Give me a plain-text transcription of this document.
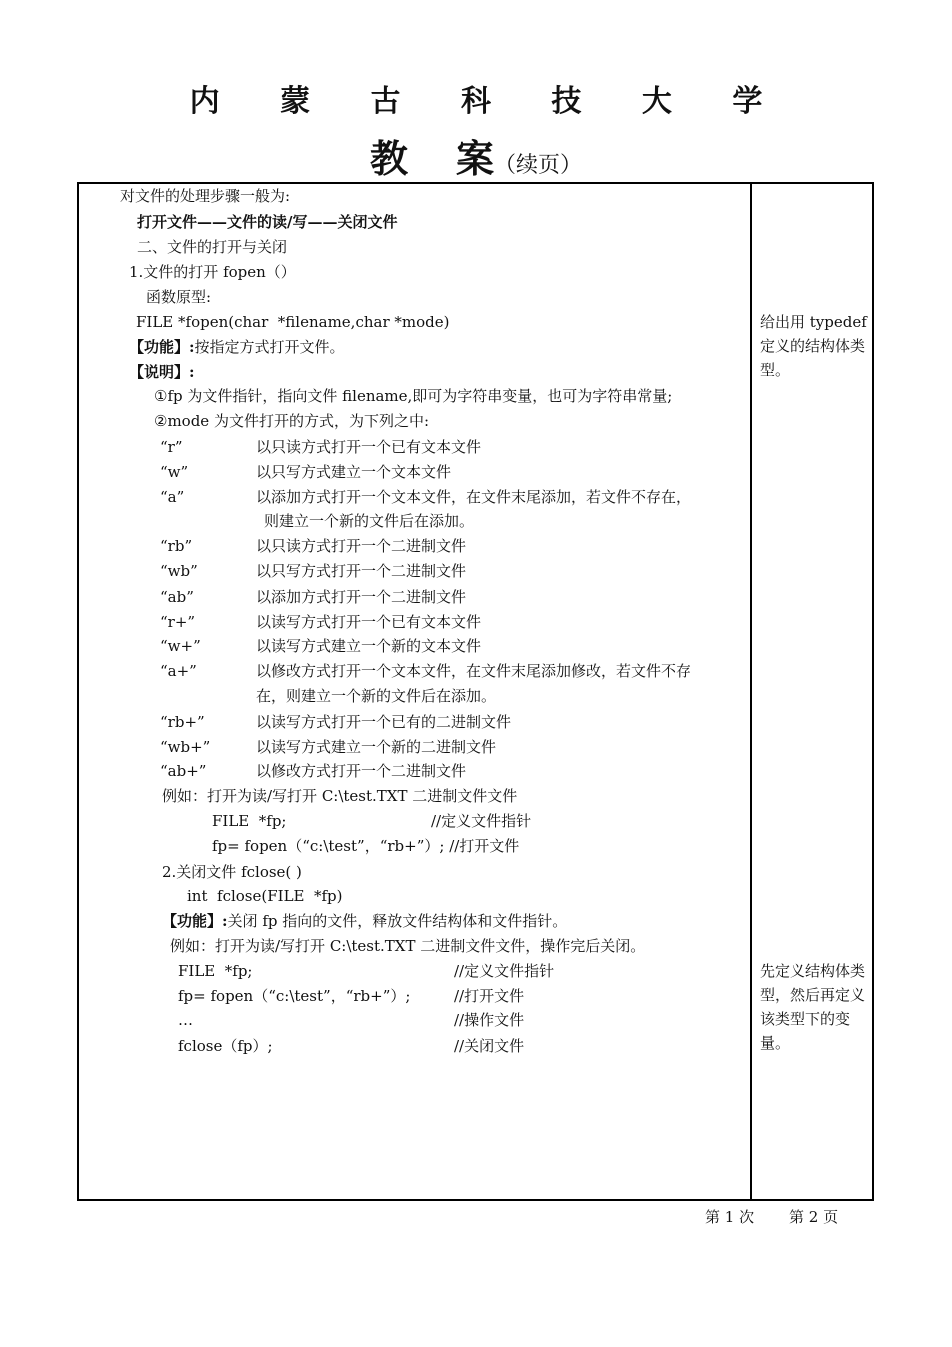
内 蒙 古 科 技 大 学
教 案（续页）
对文件的处理步骤一般为:
打开文件——文件的读/写——关闭文件
二、文件的打开与关闭
1.文件的打开 fopen（）
函数原型:
FILE *fopen(char  *filename,char *mode)
【功能】:按指定方式打开文件。
【说明】:
①fp 为文件指针，指向文件 filename,即可为字符串变量，也可为字符串常量;
②mode 为文件打开的方式，为下列之中:
“r”	以只读方式打开一个已有文本文件
“w”	以只写方式建立一个文本文件
“a”	以添加方式打开一个文本文件，在文件末尾添加，若文件不存在，
则建立一个新的文件后在添加。
“rb”	以只读方式打开一个二进制文件
“wb”	以只写方式打开一个二进制文件
“ab”	以添加方式打开一个二进制文件
“r+”	以读写方式打开一个已有文本文件
“w+”	以读写方式建立一个新的文本文件
“a+”	以修改方式打开一个文本文件，在文件末尾添加修改，若文件不存
在，则建立一个新的文件后在添加。
“rb+”	以读写方式打开一个已有的二进制文件
“wb+”	以读写方式建立一个新的二进制文件
“ab+”	以修改方式打开一个二进制文件
例如：打开为读/写打开 C:\test.TXT 二进制文件文件
FILE  *fp;	//定义文件指针
fp= fopen（“c:\test”，“rb+”）; //打开文件
2.关闭文件 fclose( )
int  fclose(FILE  *fp)
【功能】:关闭 fp 指向的文件，释放文件结构体和文件指针。
例如：打开为读/写打开 C:\test.TXT 二进制文件文件，操作完后关闭。
FILE  *fp;	//定义文件指针
fp= fopen（“c:\test”，“rb+”）;	//打开文件
…	//操作文件
fclose（fp）;	//关闭文件
给出用 typedef 定义的结构体类型。
先定义结构体类型，然后再定义该类型下的变量。
第 1 次 第 2 页
